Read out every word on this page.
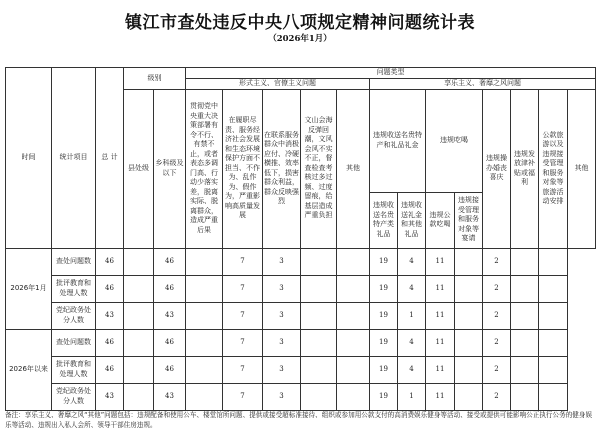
镇江市查处违反中央八项规定精神问题统计表
（2026年1月）
时间	统计项目	总 计	级别		问题类型												
					形式主义、官僚主义问题					享乐主义、奢靡之风问题							
			县处级	乡科级及以下	贯彻党中央重大决策部署有令不行、有禁不止，或者表态多调门高、行动少落实差，脱离实际、脱离群众，造成严重后果	在履职尽责、服务经济社会发展和生态环境保护方面不担当、不作为、乱作为、假作为，严重影响高质量发展	在联系服务群众中消极应付、冷硬横推、效率低下，损害群众利益，群众反映强烈	文山会海反弹回潮，文风会风不实不正，督查检查考核过多过频、过度留痕，给基层造成严重负担	其他	违规收送名贵特产和礼品礼金		违规吃喝		违规操办婚丧喜庆	违规发放津补贴或福利	公款旅游以及违规接受管理和服务对象等旅游活动安排	其他
										违规收送名贵特产类礼品	违规收送礼金和其他礼品	违规公款吃喝	违规接受管理和服务对象等宴请				
2026年1月	查处问题数	46		46		7	3			19	4	11		2			
	批评教育和处理人数	46		46		7	3			19	4	11		2			
	党纪政务处分人数	43		43		7	3			19	1	11		2			
2026年以来	查处问题数	46		46		7	3			19	4	11		2			
	批评教育和处理人数	46		46		7	3			19	4	11		2			
	党纪政务处分人数	43		43		7	3			19	1	11		2			
备注：享乐主义、奢靡之风“其他”问题包括：违规配备和使用公车、楼堂馆所问题、提供或接受超标准接待、组织或参加用公款支付的高消费娱乐健身等活动、接受或提供可能影响公正执行公务的健身娱乐等活动、违规出入私人会所、领导干部住房违规。
